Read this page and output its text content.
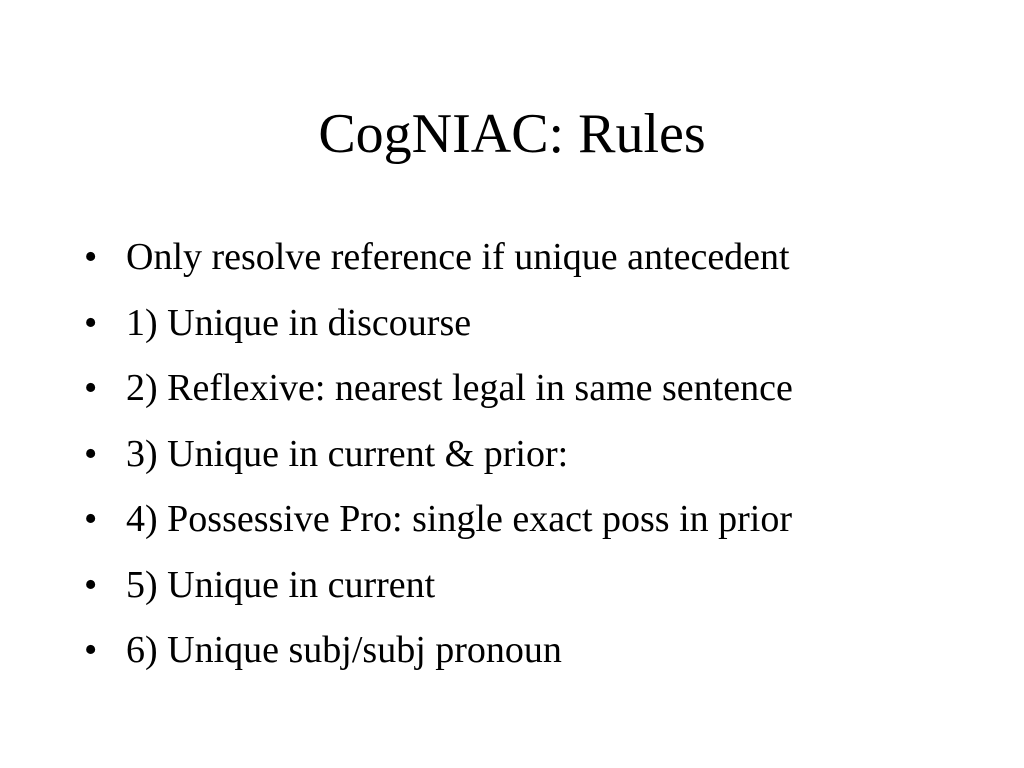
CogNIAC: Rules
• Only resolve reference if unique antecedent
• 1) Unique in discourse
• 2) Reflexive: nearest legal in same sentence
• 3) Unique in current & prior:
• 4) Possessive Pro: single exact poss in prior
• 5) Unique in current
• 6) Unique subj/subj pronoun
